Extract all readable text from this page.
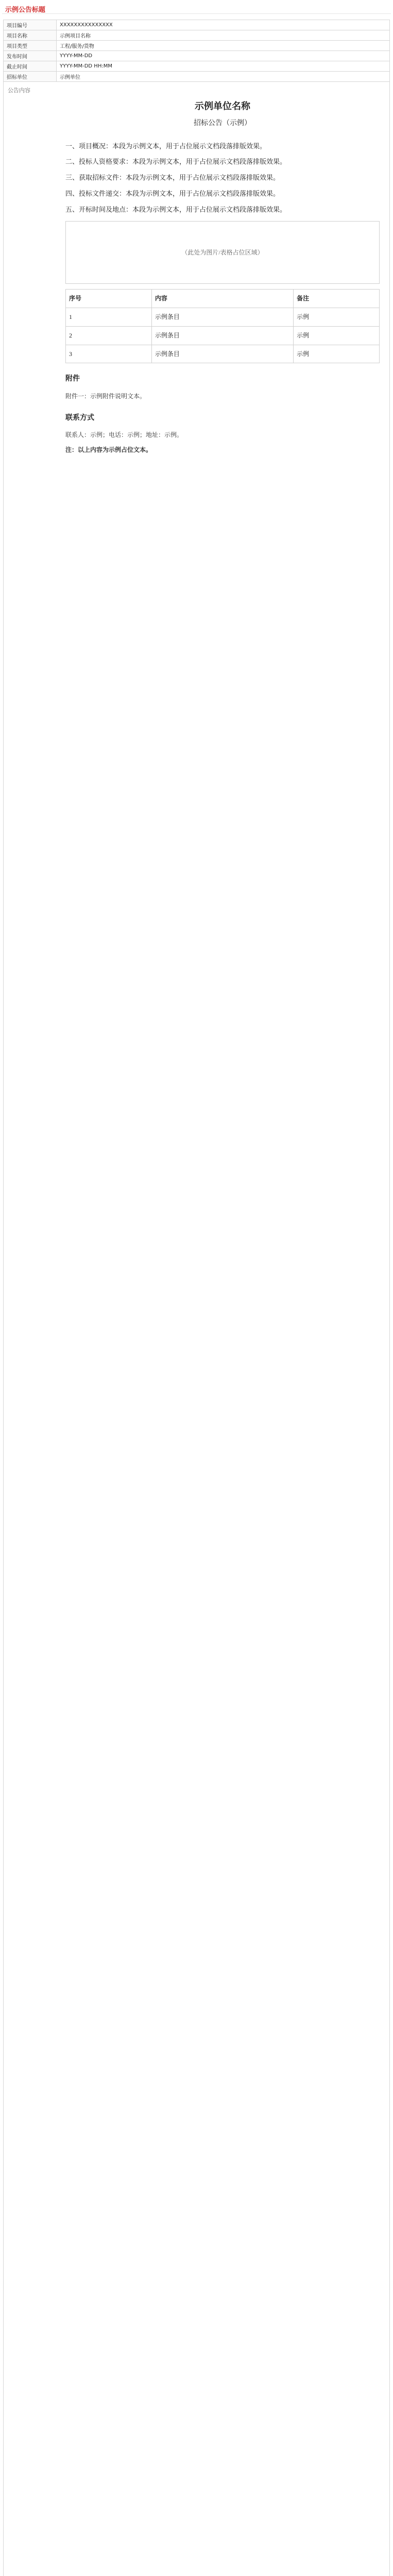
示例公告标题
项目编号	XXXXXXXXXXXXXXX
项目名称	示例项目名称
项目类型	工程/服务/货物
发布时间	YYYY-MM-DD
截止时间	YYYY-MM-DD HH:MM
招标单位	示例单位
公告内容
示例单位名称
招标公告（示例）
一、项目概况：本段为示例文本，用于占位展示文档段落排版效果。
二、投标人资格要求：本段为示例文本，用于占位展示文档段落排版效果。
三、获取招标文件：本段为示例文本，用于占位展示文档段落排版效果。
四、投标文件递交：本段为示例文本，用于占位展示文档段落排版效果。
五、开标时间及地点：本段为示例文本，用于占位展示文档段落排版效果。
（此处为图片/表格占位区域）
序号	内容	备注
1	示例条目	示例
2	示例条目	示例
3	示例条目	示例
附件
附件一：示例附件说明文本。
联系方式
联系人：示例；电话：示例；地址：示例。
注：以上内容为示例占位文本。
